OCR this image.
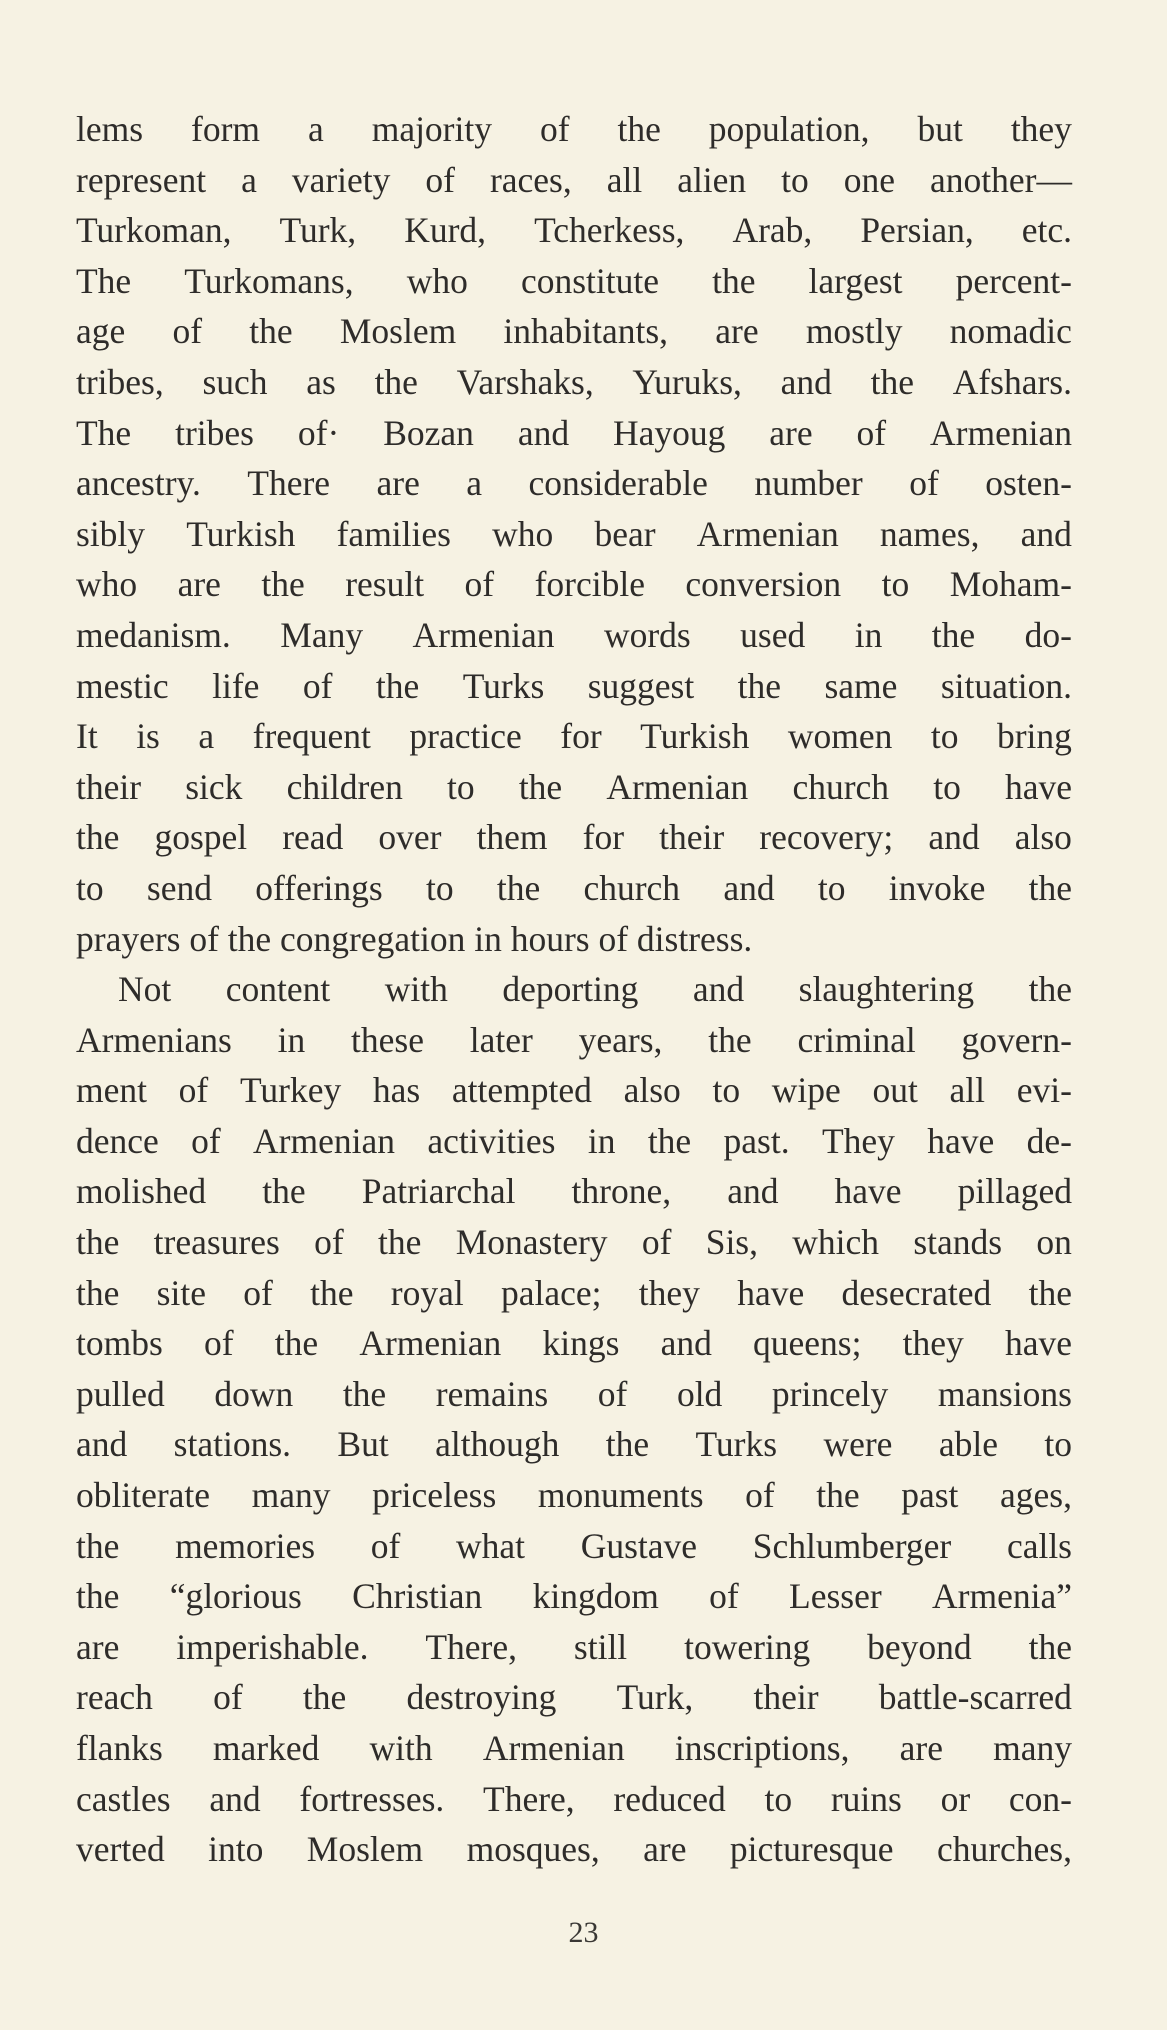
lems form a majority of the population, but they
represent a variety of races, all alien to one another—
Turkoman, Turk, Kurd, Tcherkess, Arab, Persian, etc.
The Turkomans, who constitute the largest percent-
age of the Moslem inhabitants, are mostly nomadic
tribes, such as the Varshaks, Yuruks, and the Afshars.
The tribes of· Bozan and Hayoug are of Armenian
ancestry. There are a considerable number of osten-
sibly Turkish families who bear Armenian names, and
who are the result of forcible conversion to Moham-
medanism. Many Armenian words used in the do-
mestic life of the Turks suggest the same situation.
It is a frequent practice for Turkish women to bring
their sick children to the Armenian church to have
the gospel read over them for their recovery; and also
to send offerings to the church and to invoke the
prayers of the congregation in hours of distress.
Not content with deporting and slaughtering the
Armenians in these later years, the criminal govern-
ment of Turkey has attempted also to wipe out all evi-
dence of Armenian activities in the past. They have de-
molished the Patriarchal throne, and have pillaged
the treasures of the Monastery of Sis, which stands on
the site of the royal palace; they have desecrated the
tombs of the Armenian kings and queens; they have
pulled down the remains of old princely mansions
and stations. But although the Turks were able to
obliterate many priceless monuments of the past ages,
the memories of what Gustave Schlumberger calls
the “glorious Christian kingdom of Lesser Armenia”
are imperishable. There, still towering beyond the
reach of the destroying Turk, their battle-scarred
flanks marked with Armenian inscriptions, are many
castles and fortresses. There, reduced to ruins or con-
verted into Moslem mosques, are picturesque churches,
23
